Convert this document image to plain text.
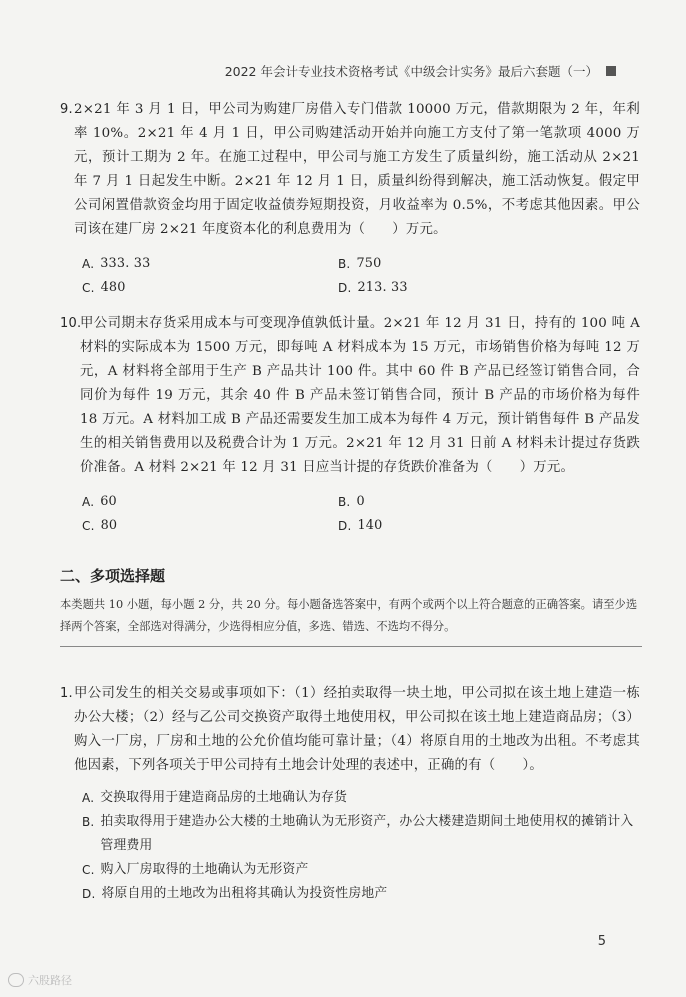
2022 年会计专业技术资格考试《中级会计实务》最后六套题（一）
9. 2×21 年 3 月 1 日，甲公司为购建厂房借入专门借款 10000 万元，借款期限为 2 年，年利率 10%。2×21 年 4 月 1 日，甲公司购建活动开始并向施工方支付了第一笔款项 4000 万元，预计工期为 2 年。在施工过程中，甲公司与施工方发生了质量纠纷，施工活动从 2×21 年 7 月 1 日起发生中断。2×21 年 12 月 1 日，质量纠纷得到解决，施工活动恢复。假定甲公司闲置借款资金均用于固定收益债券短期投资，月收益率为 0.5%，不考虑其他因素。甲公司该在建厂房 2×21 年度资本化的利息费用为（　　）万元。
A. 333. 33	B. 750
C. 480	D. 213. 33
10.
甲公司期末存货采用成本与可变现净值孰低计量。2×21 年 12 月 31 日，持有的 100 吨 A 材料的实际成本为 1500 万元，即每吨 A 材料成本为 15 万元，市场销售价格为每吨 12 万元，A 材料将全部用于生产 B 产品共计 100 件。其中 60 件 B 产品已经签订销售合同，合同价为每件 19 万元，其余 40 件 B 产品未签订销售合同，预计 B 产品的市场价格为每件 18 万元。A 材料加工成 B 产品还需要发生加工成本为每件 4 万元，预计销售每件 B 产品发生的相关销售费用以及税费合计为 1 万元。2×21 年 12 月 31 日前 A 材料未计提过存货跌价准备。A 材料 2×21 年 12 月 31 日应当计提的存货跌价准备为（　　）万元。
A. 60	B. 0
C. 80	D. 140
二、多项选择题
本类题共 10 小题，每小题 2 分，共 20 分。每小题备选答案中，有两个或两个以上符合题意的正确答案。请至少选择两个答案，全部选对得满分，少选得相应分值，多选、错选、不选均不得分。
1. 甲公司发生的相关交易或事项如下：（1）经拍卖取得一块土地，甲公司拟在该土地上建造一栋办公大楼；（2）经与乙公司交换资产取得土地使用权，甲公司拟在该土地上建造商品房；（3）购入一厂房，厂房和土地的公允价值均能可靠计量；（4）将原自用的土地改为出租。不考虑其他因素，下列各项关于甲公司持有土地会计处理的表述中，正确的有（　　）。
A. 交换取得用于建造商品房的土地确认为存货
B. 拍卖取得用于建造办公大楼的土地确认为无形资产，办公大楼建造期间土地使用权的摊销计入管理费用
C. 购入厂房取得的土地确认为无形资产
D. 将原自用的土地改为出租将其确认为投资性房地产
5
六股路径
